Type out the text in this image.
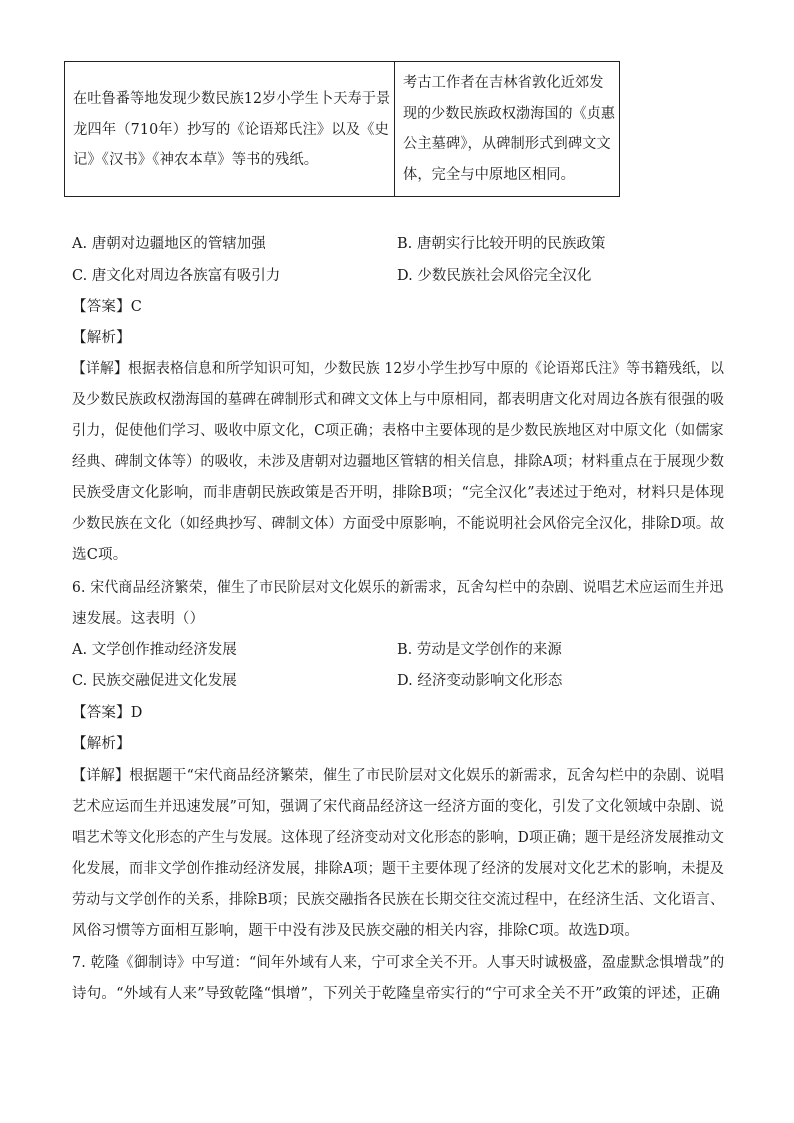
在吐鲁番等地发现少数民族12岁小学生卜天寿于景
龙四年（710年）抄写的《论语郑氏注》以及《史
记》《汉书》《神农本草》等书的残纸。

考古工作者在吉林省敦化近郊发
现的少数民族政权渤海国的《贞惠
公主墓碑》，从碑制形式到碑文文
体，完全与中原地区相同。
A. 唐朝对边疆地区的管辖加强	B. 唐朝实行比较开明的民族政策
C. 唐文化对周边各族富有吸引力	D. 少数民族社会风俗完全汉化
【答案】C
【解析】
【详解】根据表格信息和所学知识可知，少数民族 12岁小学生抄写中原的《论语郑氏注》等书籍残纸，以
及少数民族政权渤海国的墓碑在碑制形式和碑文文体上与中原相同，都表明唐文化对周边各族有很强的吸
引力，促使他们学习、吸收中原文化，C项正确；表格中主要体现的是少数民族地区对中原文化（如儒家
经典、碑制文体等）的吸收，未涉及唐朝对边疆地区管辖的相关信息，排除A项；材料重点在于展现少数
民族受唐文化影响，而非唐朝民族政策是否开明，排除B项；“完全汉化”表述过于绝对，材料只是体现
少数民族在文化（如经典抄写、碑制文体）方面受中原影响，不能说明社会风俗完全汉化，排除D项。故
选C项。
6. 宋代商品经济繁荣，催生了市民阶层对文化娱乐的新需求，瓦舍勾栏中的杂剧、说唱艺术应运而生并迅
速发展。这表明（）
A. 文学创作推动经济发展	B. 劳动是文学创作的来源
C. 民族交融促进文化发展	D. 经济变动影响文化形态
【答案】D
【解析】
【详解】根据题干“宋代商品经济繁荣，催生了市民阶层对文化娱乐的新需求，瓦舍勾栏中的杂剧、说唱
艺术应运而生并迅速发展”可知，强调了宋代商品经济这一经济方面的变化，引发了文化领域中杂剧、说
唱艺术等文化形态的产生与发展。这体现了经济变动对文化形态的影响，D项正确；题干是经济发展推动文
化发展，而非文学创作推动经济发展，排除A项；题干主要体现了经济的发展对文化艺术的影响，未提及
劳动与文学创作的关系，排除B项；民族交融指各民族在长期交往交流过程中，在经济生活、文化语言、
风俗习惯等方面相互影响，题干中没有涉及民族交融的相关内容，排除C项。故选D项。
7. 乾隆《御制诗》中写道：“间年外域有人来，宁可求全关不开。人事天时诚极盛，盈虚默念惧增哉”的
诗句。“外域有人来”导致乾隆“惧增”，下列关于乾隆皇帝实行的“宁可求全关不开”政策的评述，正确
